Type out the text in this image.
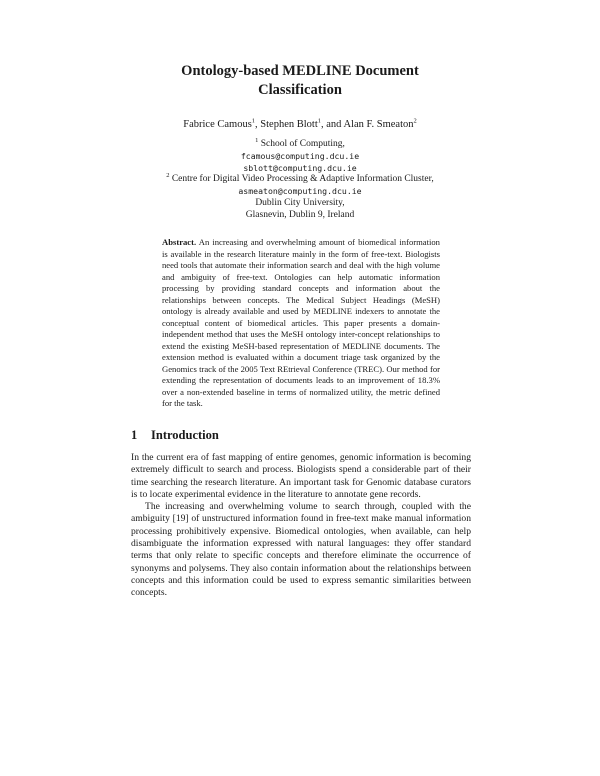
Ontology-based MEDLINE Document
Classification
Fabrice Camous$^1$, Stephen Blott$^1$, and Alan F. Smeaton$^2$
$^1$ School of Computing,
fcamous@computing.dcu.ie
sblott@computing.dcu.ie
$^2$ Centre for Digital Video Processing & Adaptive Information Cluster,
asmeaton@computing.dcu.ie
Dublin City University,
Glasnevin, Dublin 9, Ireland
Abstract. An increasing and overwhelming amount of biomedical information is available in the research literature mainly in the form of free-text. Biologists need tools that automate their information search and deal with the high volume and ambiguity of free-text. Ontologies can help automatic information processing by providing standard concepts and information about the relationships between concepts. The Medical Subject Headings (MeSH) ontology is already available and used by MEDLINE indexers to annotate the conceptual content of biomedical articles. This paper presents a domain-independent method that uses the MeSH ontology inter-concept relationships to extend the existing MeSH-based representation of MEDLINE documents. The extension method is evaluated within a document triage task organized by the Genomics track of the 2005 Text REtrieval Conference (TREC). Our method for extending the representation of documents leads to an improvement of 18.3% over a non-extended baseline in terms of normalized utility, the metric defined for the task.
1 Introduction

In the current era of fast mapping of entire genomes, genomic information is becoming extremely difficult to search and process. Biologists spend a considerable part of their time searching the research literature. An important task for Genomic database curators is to locate experimental evidence in the literature to annotate gene records.

The increasing and overwhelming volume to search through, coupled with the ambiguity [19] of unstructured information found in free-text make manual information processing prohibitively expensive. Biomedical ontologies, when available, can help disambiguate the information expressed with natural languages: they offer standard terms that only relate to specific concepts and therefore eliminate the occurrence of synonyms and polysems. They also contain information about the relationships between concepts and this information could be used to express semantic similarities between concepts.
